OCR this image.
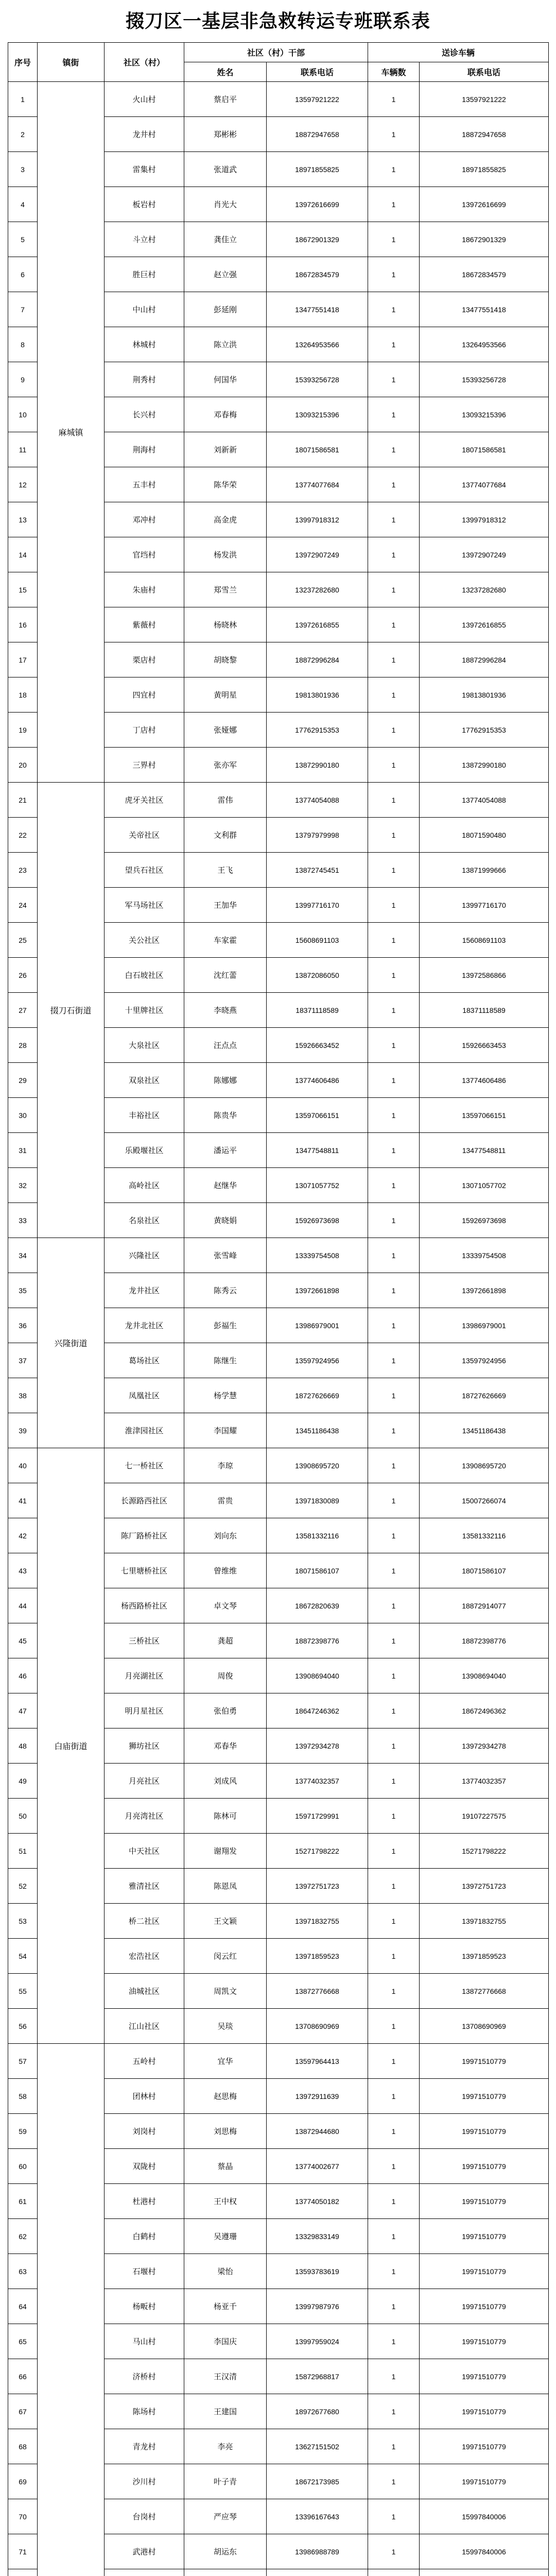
掇刀区一基层非急救转运专班联系表
序号	镇街	社区（村）	社区（村）干部		送诊车辆	
			姓名	联系电话	车辆数	联系电话
1	麻城镇	火山村	蔡启平	13597921222	1	13597921222
2		龙井村	郑彬彬	18872947658	1	18872947658
3		雷集村	张道武	18971855825	1	18971855825
4		板岩村	肖光大	13972616699	1	13972616699
5		斗立村	龚佳立	18672901329	1	18672901329
6		胜巨村	赵立强	18672834579	1	18672834579
7		中山村	彭延刚	13477551418	1	13477551418
8		林城村	陈立洪	13264953566	1	13264953566
9		荆秀村	何国华	15393256728	1	15393256728
10		长兴村	邓春梅	13093215396	1	13093215396
11		荆海村	刘新新	18071586581	1	18071586581
12		五丰村	陈华荣	13774077684	1	13774077684
13		邓冲村	高金虎	13997918312	1	13997918312
14		官垱村	杨发洪	13972907249	1	13972907249
15		朱庙村	郑雪兰	13237282680	1	13237282680
16		紫薇村	杨晓林	13972616855	1	13972616855
17		栗店村	胡晓黎	18872996284	1	18872996284
18		四宜村	黄明星	19813801936	1	19813801936
19		丁店村	张娅娜	17762915353	1	17762915353
20		三界村	张亦军	13872990180	1	13872990180
21	掇刀石街道	虎牙关社区	雷伟	13774054088	1	13774054088
22		关帝社区	文利群	13797979998	1	18071590480
23		望兵石社区	王飞	13872745451	1	13871999666
24		军马场社区	王加华	13997716170	1	13997716170
25		关公社区	车家霍	15608691103	1	15608691103
26		白石坡社区	沈红蕾	13872086050	1	13972586866
27		十里牌社区	李晓燕	18371118589	1	18371118589
28		大泉社区	汪点点	15926663452	1	15926663453
29		双泉社区	陈娜娜	13774606486	1	13774606486
30		丰裕社区	陈贵华	13597066151	1	13597066151
31		乐殿堰社区	潘运平	13477548811	1	13477548811
32		高岭社区	赵继华	13071057752	1	13071057702
33		名泉社区	黄晓娟	15926973698	1	15926973698
34	兴隆街道	兴隆社区	张雪峰	13339754508	1	13339754508
35		龙井社区	陈秀云	13972661898	1	13972661898
36		龙井北社区	彭福生	13986979001	1	13986979001
37		葛场社区	陈继生	13597924956	1	13597924956
38		凤凰社区	杨学慧	18727626669	1	18727626669
39		淮津园社区	李国耀	13451186438	1	13451186438
40	白庙街道	七一桥社区	李琼	13908695720	1	13908695720
41		长源路西社区	雷贵	13971830089	1	15007266074
42		陈厂路桥社区	刘向东	13581332116	1	13581332116
43		七里塘桥社区	曾维维	18071586107	1	18071586107
44		杨西路桥社区	卓文琴	18672820639	1	18872914077
45		三桥社区	龚超	18872398776	1	18872398776
46		月亮湖社区	周俊	13908694040	1	13908694040
47		明月星社区	张伯勇	18647246362	1	18672496362
48		狮坊社区	邓春华	13972934278	1	13972934278
49		月亮社区	刘成风	13774032357	1	13774032357
50		月亮湾社区	陈林可	15971729991	1	19107227575
51		中天社区	谢翔发	15271798222	1	15271798222
52		雅清社区	陈恩凤	13972751723	1	13972751723
53		桥二社区	王文颖	13971832755	1	13971832755
54		宏浩社区	闵云红	13971859523	1	13971859523
55		油城社区	周凯文	13872776668	1	13872776668
56		江山社区	吴琰	13708690969	1	13708690969
57		五岭村	宜华	13597964413	1	19971510779
58		团林村	赵思梅	13972911639	1	19971510779
59		刘岗村	刘思梅	13872944680	1	19971510779
60		双陇村	蔡晶	13774002677	1	19971510779
61		杜港村	王中权	13774050182	1	19971510779
62		白鹤村	吴遵珊	13329833149	1	19971510779
63		石堰村	梁怡	13593783619	1	19971510779
64		杨畈村	杨亚千	13997987976	1	19971510779
65		马山村	李国庆	13997959024	1	19971510779
66		济桥村	王汉清	15872968817	1	19971510779
67		陈场村	王建国	18972677680	1	19971510779
68		青龙村	李亮	13627151502	1	19971510779
69		沙川村	叶子青	18672173985	1	19971510779
70		台岗村	严应琴	13396167643	1	15997840006
71		武港村	胡运东	13986988789	1	15997840006
